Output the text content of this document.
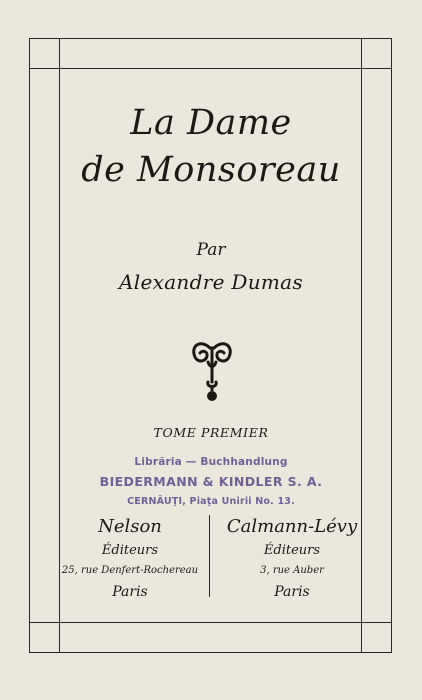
La Dame
de Monsoreau
Par
Alexandre Dumas
TOME PREMIER
Librăria — Buchhandlung
BIEDERMANN & KINDLER S. A.
CERNĂUŢI, Piaţa Unirii No. 13.
Nelson
Éditeurs
25, rue Denfert-Rochereau
Paris
Calmann-Lévy
Éditeurs
3, rue Auber
Paris
